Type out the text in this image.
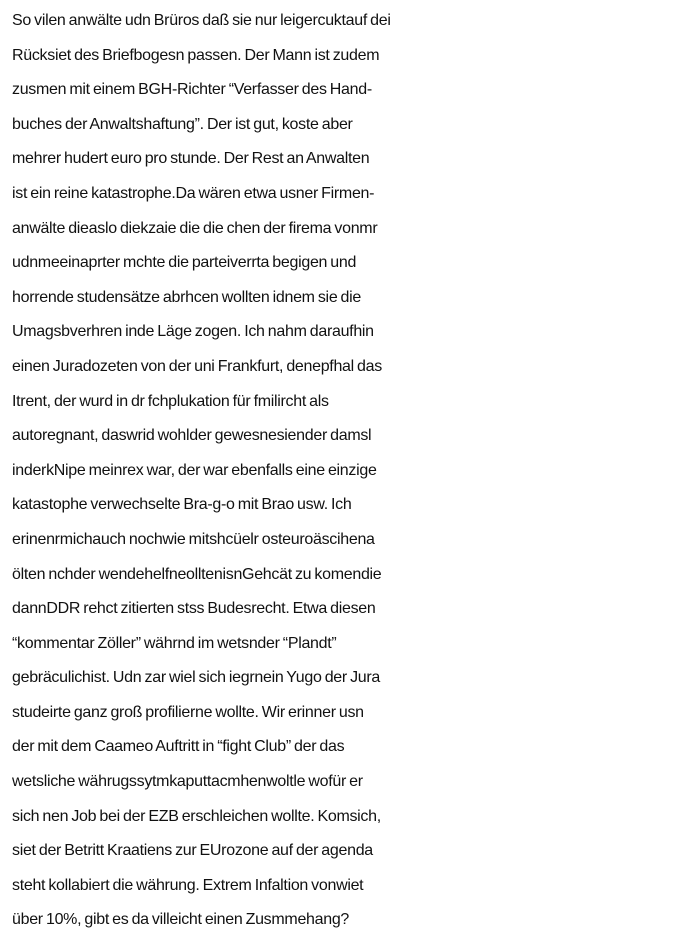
So vilen anwälte udn Brüros daß sie nur leigercuktauf dei
Rücksiet des Briefbogesn passen. Der Mann ist zudem
zusmen mit einem BGH-Richter “Verfasser des Hand-
buches der Anwaltshaftung”. Der ist gut, koste aber
mehrer hudert euro pro stunde. Der Rest an Anwalten
ist ein reine katastrophe.Da wären etwa usner Firmen-
anwälte dieaslo diekzaie die die chen der firema vonmr
udnmeeinaprter mchte die parteiverrta begigen und
horrende studensätze abrhcen wollten idnem sie die
Umagsbverhren inde Läge zogen. Ich nahm daraufhin
einen Juradozeten von der uni Frankfurt, denepfhal das
Itrent, der wurd in dr fchplukation für fmilircht als
autoregnant, daswrid wohlder gewesnesiender damsl
inderkNipe meinrex war, der war ebenfalls eine einzige
katastophe verwechselte Bra-g-o mit Brao usw. Ich
erinenrmichauch nochwie mitshcüelr osteuroäscihena
ölten nchder wendehelfneolltenisnGehcät zu komendie
dannDDR rehct zitierten stss Budesrecht. Etwa diesen
“kommentar Zöller” währnd im wetsnder “Plandt”
gebräculichist. Udn zar wiel sich iegrnein Yugo der Jura
studeirte ganz groß profilierne wollte. Wir erinner usn
der mit dem Caameo Auftritt in “fight Club” der das
wetsliche währugssytmkaputtacmhenwoltle wofür er
sich nen Job bei der EZB erschleichen wollte. Komsich,
siet der Betritt Kraatiens zur EUrozone auf der agenda
steht kollabiert die währung. Extrem Infaltion vonwiet
über 10%, gibt es da villeicht einen Zusmmehang?
